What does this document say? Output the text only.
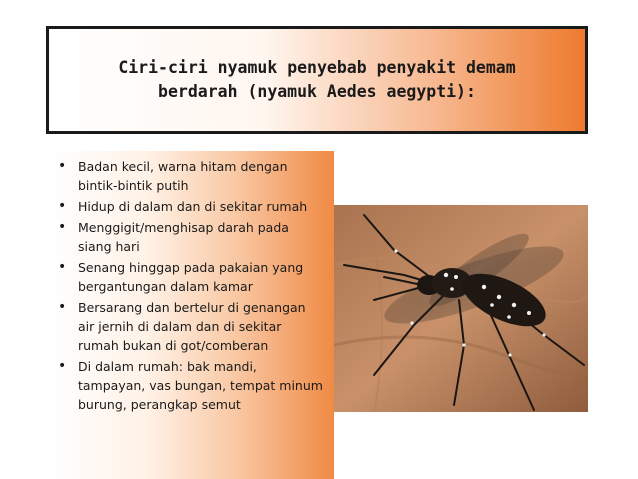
Ciri-ciri nyamuk penyebab penyakit demam berdarah (nyamuk Aedes aegypti):
• Badan kecil, warna hitam dengan bintik-bintik putih
• Hidup di dalam dan di sekitar rumah
• Menggigit/menghisap darah pada siang hari
• Senang hinggap pada pakaian yang bergantungan dalam kamar
• Bersarang dan bertelur di genangan air jernih di dalam dan di sekitar rumah bukan di got/comberan
• Di dalam rumah: bak mandi, tampayan, vas bungan, tempat minum burung, perangkap semut
